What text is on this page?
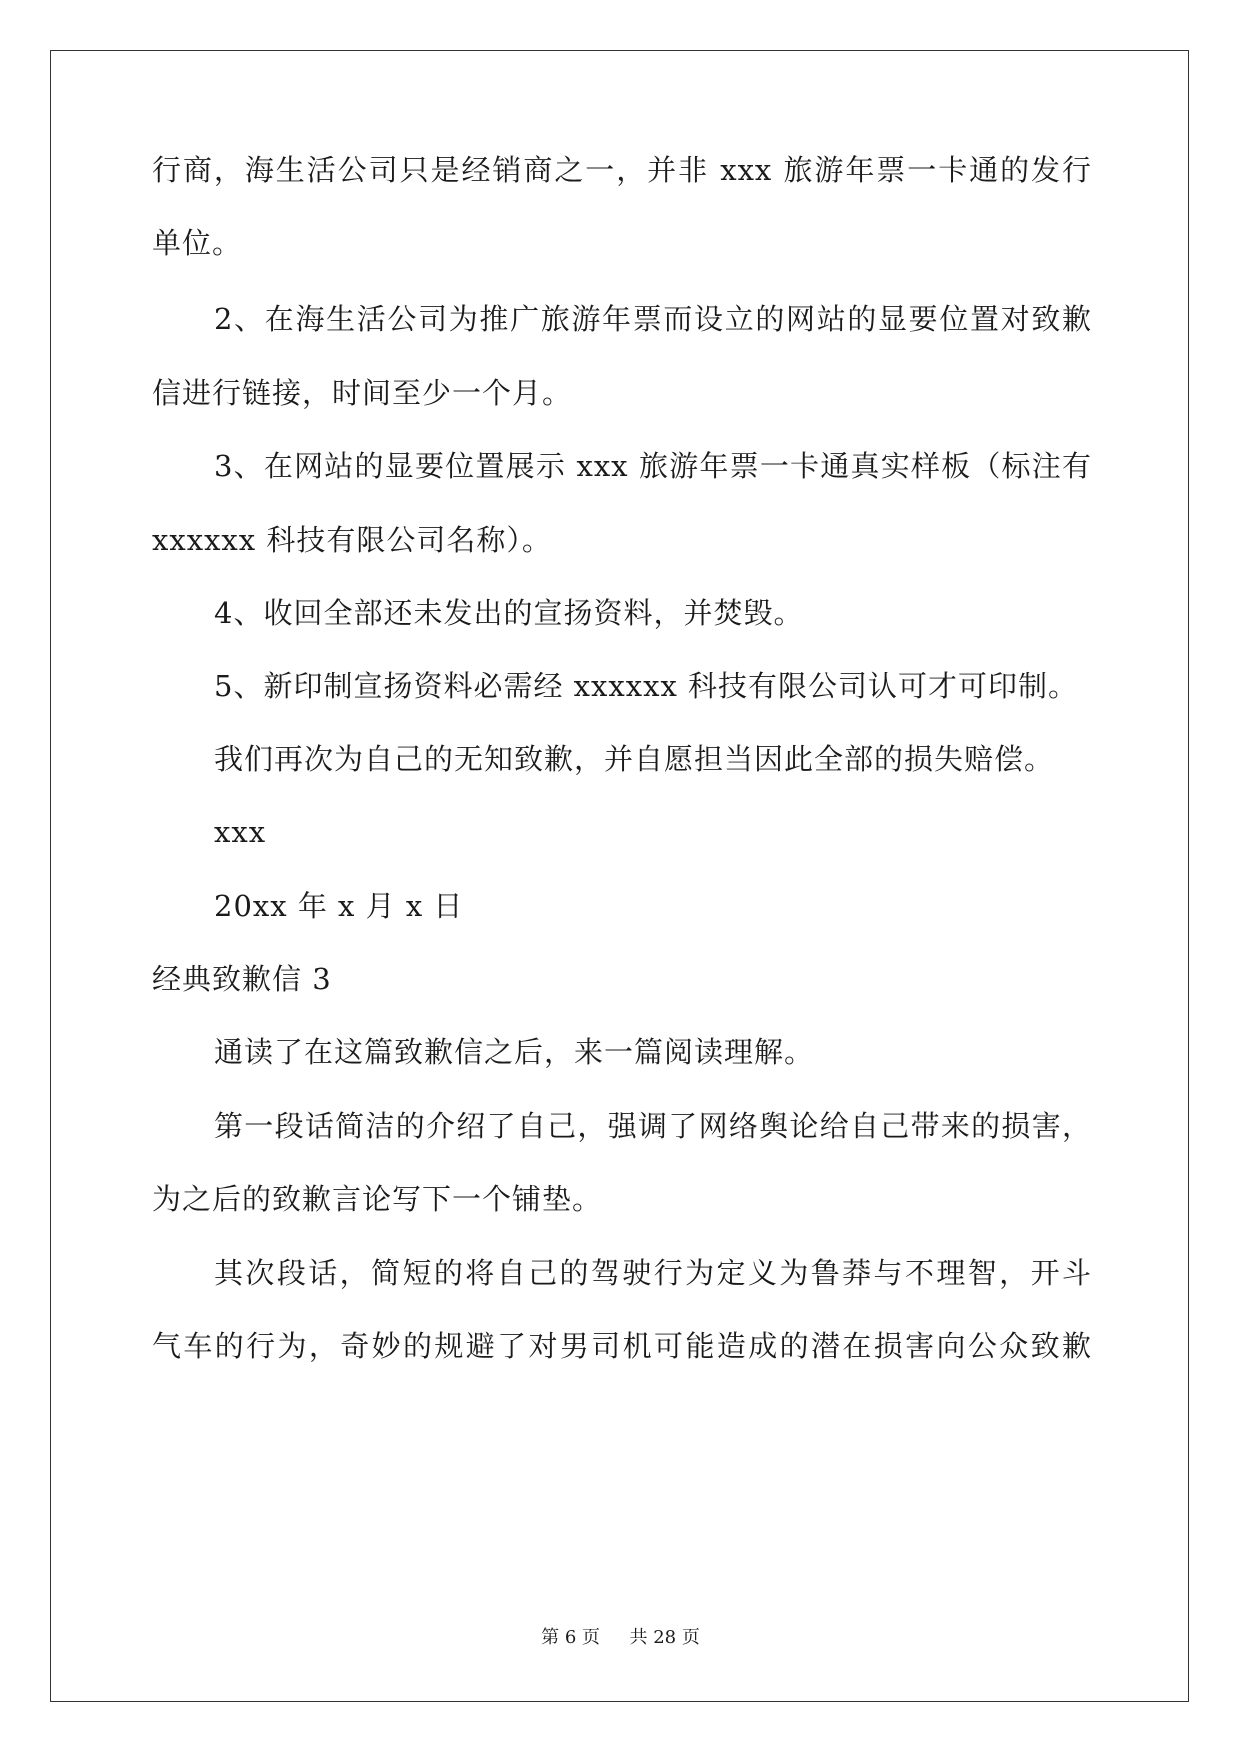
行商，海生活公司只是经销商之一，并非 xxx 旅游年票一卡通的发行
单位。
2、在海生活公司为推广旅游年票而设立的网站的显要位置对致歉
信进行链接，时间至少一个月。
3、在网站的显要位置展示 xxx 旅游年票一卡通真实样板（标注有
xxxxxx 科技有限公司名称）。
4、收回全部还未发出的宣扬资料，并焚毁。
5、新印制宣扬资料必需经 xxxxxx 科技有限公司认可才可印制。
我们再次为自己的无知致歉，并自愿担当因此全部的损失赔偿。
xxx
20xx 年 x 月 x 日
经典致歉信 3
通读了在这篇致歉信之后，来一篇阅读理解。
第一段话简洁的介绍了自己，强调了网络舆论给自己带来的损害，
为之后的致歉言论写下一个铺垫。
其次段话，简短的将自己的驾驶行为定义为鲁莽与不理智，开斗
气车的行为，奇妙的规避了对男司机可能造成的潜在损害向公众致歉
第 6 页 共 28 页
